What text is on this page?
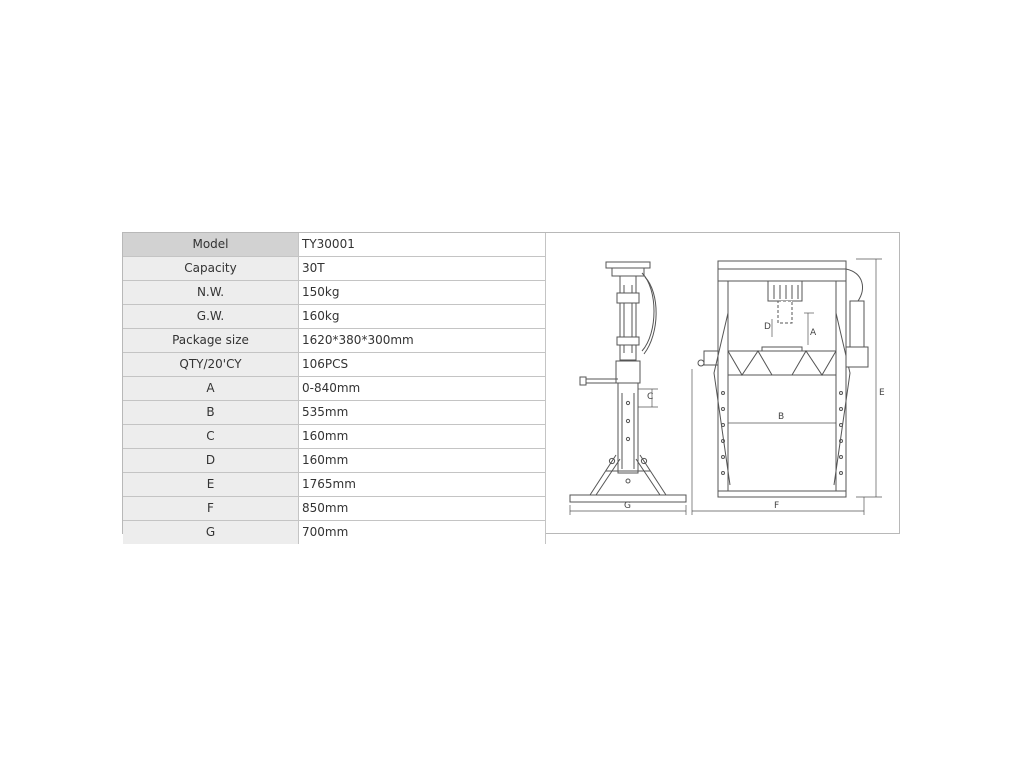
Model	TY30001
Capacity	30T
N.W.	150kg
G.W.	160kg
Package size	1620*380*300mm
QTY/20'CY	106PCS
A	0-840mm
B	535mm
C	160mm
D	160mm
E	1765mm
F	850mm
G	700mm
C
G
B
A
D
E
F
